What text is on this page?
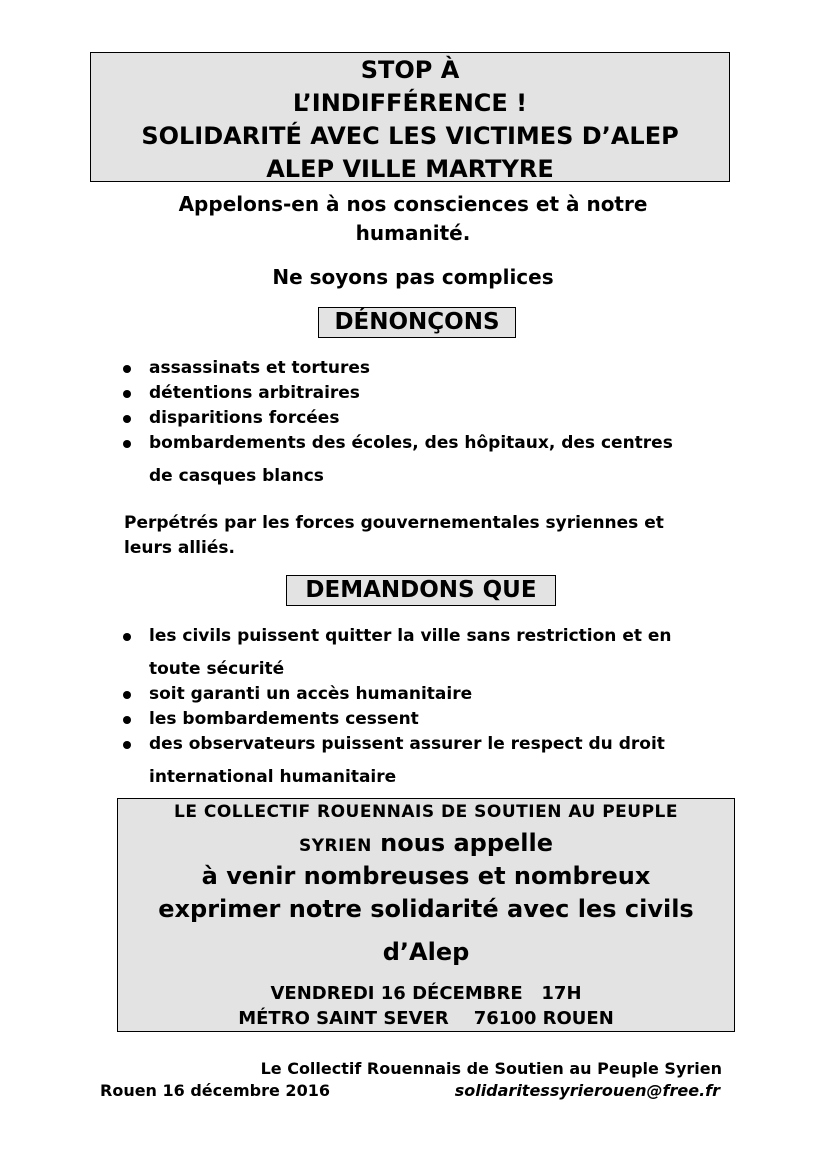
STOP À
L’INDIFFÉRENCE !
SOLIDARITÉ AVEC LES VICTIMES D’ALEP
ALEP VILLE MARTYRE
Appelons-en à nos consciences et à notre
humanité.
Ne soyons pas complices
DÉNONÇONS
assassinats et tortures
détentions arbitraires
disparitions forcées
bombardements des écoles, des hôpitaux, des centres
de casques blancs
Perpétrés par les forces gouvernementales syriennes et
leurs alliés.
DEMANDONS QUE
les civils puissent quitter la ville sans restriction et en
toute sécurité
soit garanti un accès humanitaire
les bombardements cessent
des observateurs puissent assurer le respect du droit
international humanitaire
LE COLLECTIF ROUENNAIS DE SOUTIEN AU PEUPLE
SYRIEN nous appelle
à venir nombreuses et nombreux
exprimer notre solidarité avec les civils
d’Alep
VENDREDI 16 DÉCEMBRE   17H
MÉTRO SAINT SEVER    76100 ROUEN
Le Collectif Rouennais de Soutien au Peuple Syrien
Rouen 16 décembre 2016	solidaritessyrierouen@free.fr
